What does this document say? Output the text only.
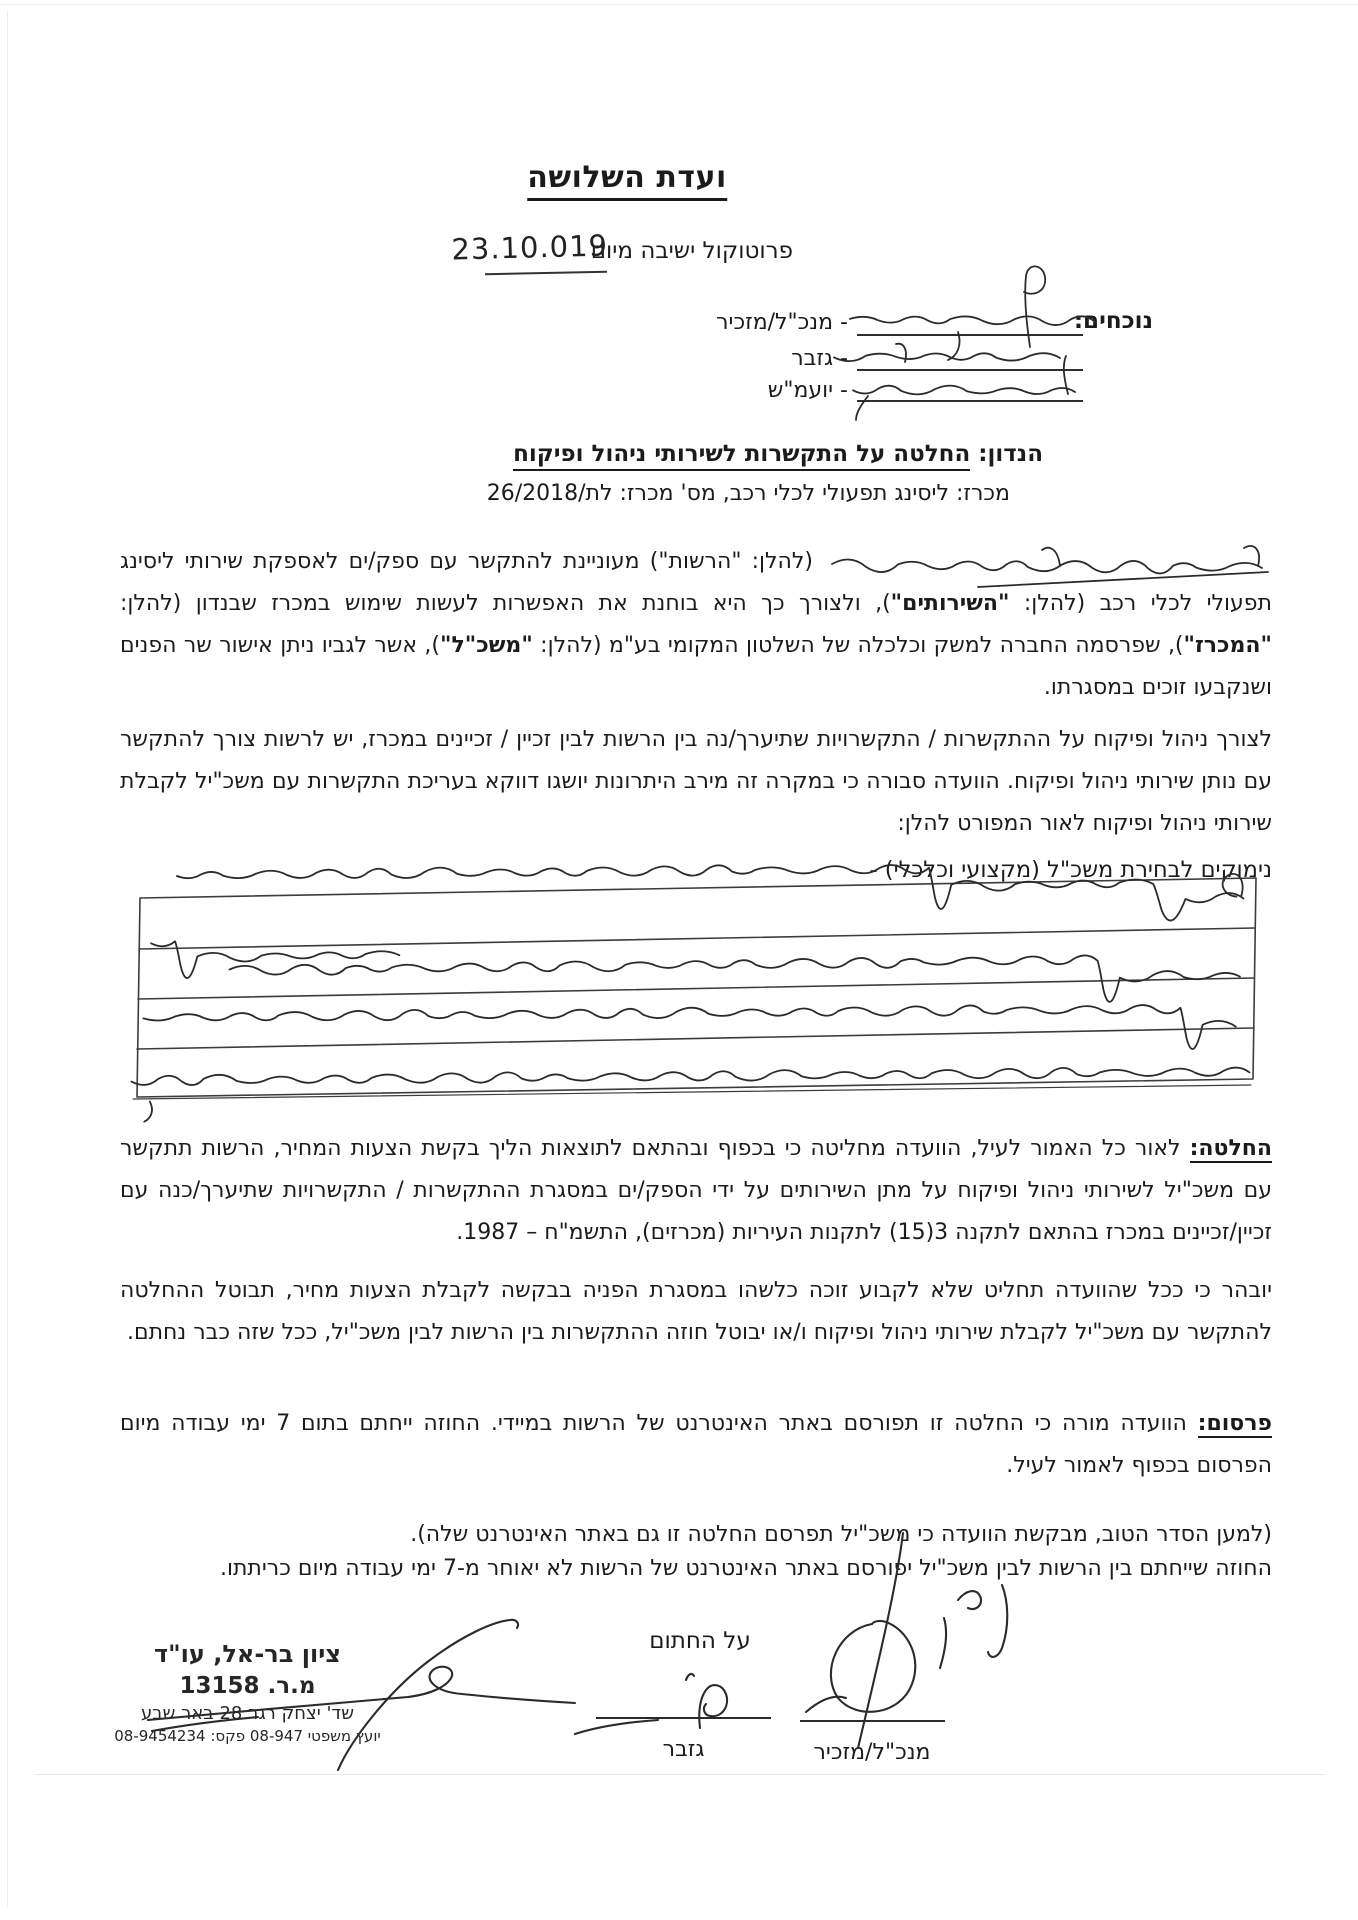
ועדת השלושה
פרוטוקול ישיבה מיום
23.10.019
נוכחים:
- מנכ"ל/מזכיר
- גזבר
- יועמ"ש
הנדון: החלטה על התקשרות לשירותי ניהול ופיקוח
מכרז: ליסינג תפעולי לכלי רכב, מס' מכרז: לת/26/2018
(להלן: "הרשות") מעוניינת להתקשר עם ספק/ים לאספקת שירותי ליסינג תפעולי לכלי רכב (להלן: "השירותים"), ולצורך כך היא בוחנת את האפשרות לעשות שימוש במכרז שבנדון (להלן: "המכרז"), שפרסמה החברה למשק וכלכלה של השלטון המקומי בע"מ (להלן: "משכ"ל"), אשר לגביו ניתן אישור שר הפנים ושנקבעו זוכים במסגרתו.
לצורך ניהול ופיקוח על ההתקשרות / התקשרויות שתיערך/נה בין הרשות לבין זכיין / זכיינים במכרז, יש לרשות צורך להתקשר עם נותן שירותי ניהול ופיקוח. הוועדה סבורה כי במקרה זה מירב היתרונות יושגו דווקא בעריכת התקשרות עם משכ"יל לקבלת שירותי ניהול ופיקוח לאור המפורט להלן:
נימוקים לבחירת משכ"ל (מקצועי וכלכלי) -
החלטה: לאור כל האמור לעיל, הוועדה מחליטה כי בכפוף ובהתאם לתוצאות הליך בקשת הצעות המחיר, הרשות תתקשר עם משכ"יל לשירותי ניהול ופיקוח על מתן השירותים על ידי הספק/ים במסגרת ההתקשרות / התקשרויות שתיערך/כנה עם זכיין/זכיינים במכרז בהתאם לתקנה 3(15) לתקנות העיריות (מכרזים), התשמ"ח – 1987.
יובהר כי ככל שהוועדה תחליט שלא לקבוע זוכה כלשהו במסגרת הפניה בבקשה לקבלת הצעות מחיר, תבוטל ההחלטה להתקשר עם משכ"יל לקבלת שירותי ניהול ופיקוח ו/או יבוטל חוזה ההתקשרות בין הרשות לבין משכ"יל, ככל שזה כבר נחתם.
פרסום: הוועדה מורה כי החלטה זו תפורסם באתר האינטרנט של הרשות במיידי. החוזה ייחתם בתום 7 ימי עבודה מיום הפרסום בכפוף לאמור לעיל.
(למען הסדר הטוב, מבקשת הוועדה כי משכ"יל תפרסם החלטה זו גם באתר האינטרנט שלה).
החוזה שייחתם בין הרשות לבין משכ"יל יפורסם באתר האינטרנט של הרשות לא יאוחר מ-7 ימי עבודה מיום כריתתו.
על החתום
מנכ"ל/מזכיר
גזבר
ציון בר-אל, עו"ד
מ.ר. 13158
שד' יצחק רגר 28 באר שבע
יועץ משפטי 08-947 פקס: 08-9454234
